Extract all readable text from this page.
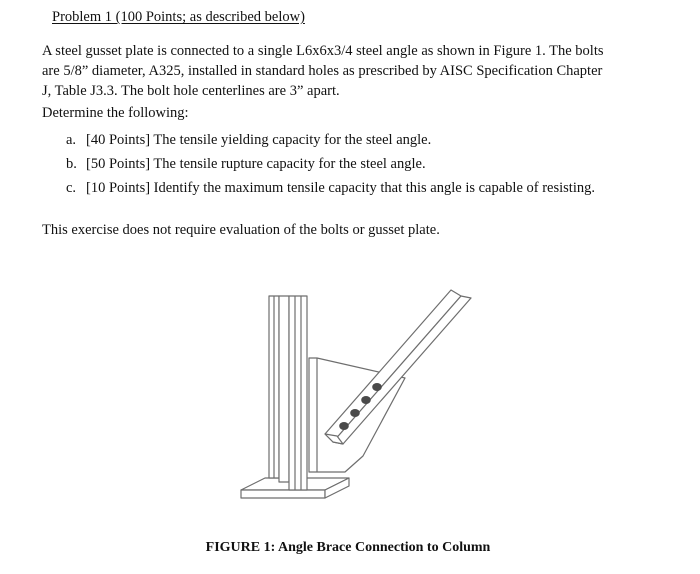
Problem 1 (100 Points; as described below)
A steel gusset plate is connected to a single L6x6x3/4 steel angle as shown in Figure 1. The bolts
are 5/8” diameter, A325, installed in standard holes as prescribed by AISC Specification Chapter
J, Table J3.3. The bolt hole centerlines are 3” apart.
Determine the following:
a. [40 Points] The tensile yielding capacity for the steel angle.
b. [50 Points] The tensile rupture capacity for the steel angle.
c. [10 Points] Identify the maximum tensile capacity that this angle is capable of resisting.
This exercise does not require evaluation of the bolts or gusset plate.
FIGURE 1: Angle Brace Connection to Column
